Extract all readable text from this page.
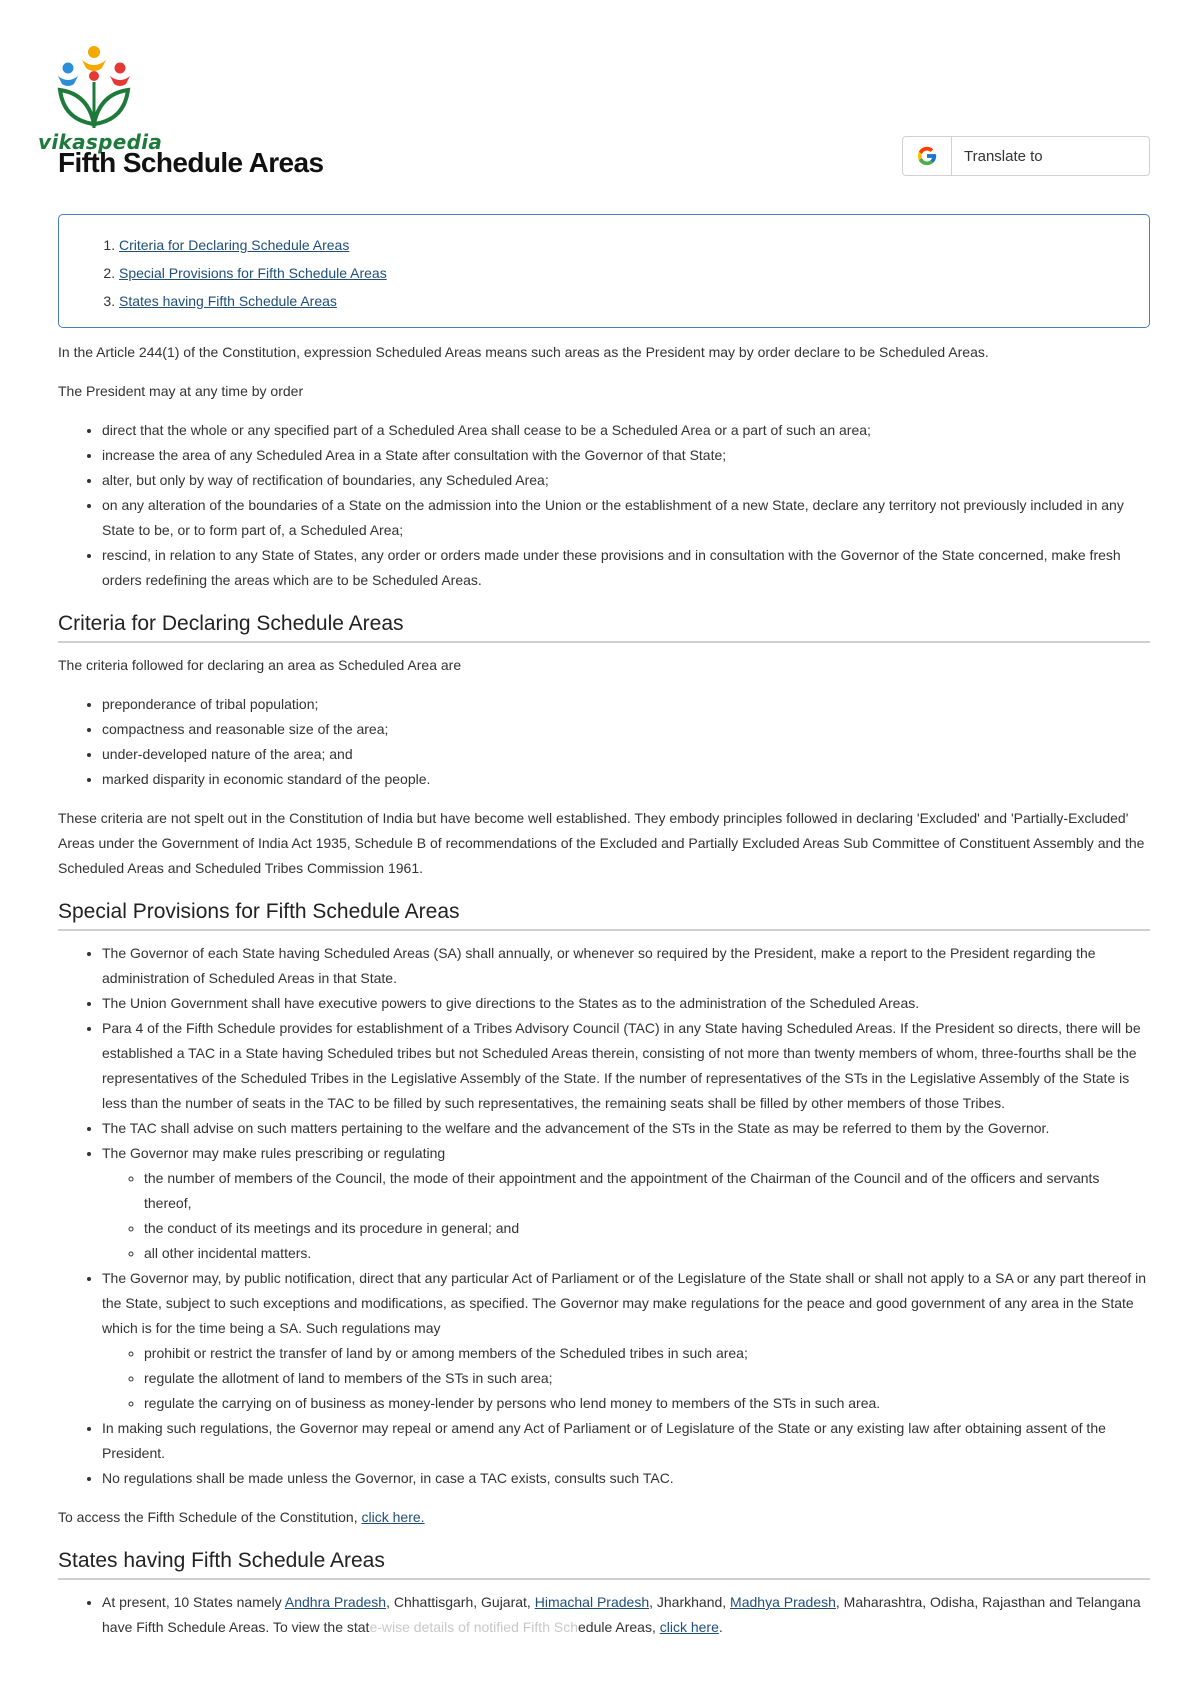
vikaspedia
Fifth Schedule Areas	Translate to
1. Criteria for Declaring Schedule Areas
2. Special Provisions for Fifth Schedule Areas
3. States having Fifth Schedule Areas

In the Article 244(1) of the Constitution, expression Scheduled Areas means such areas as the President may by order declare to be Scheduled Areas.

The President may at any time by order

• direct that the whole or any specified part of a Scheduled Area shall cease to be a Scheduled Area or a part of such an area;
• increase the area of any Scheduled Area in a State after consultation with the Governor of that State;
• alter, but only by way of rectification of boundaries, any Scheduled Area;
• on any alteration of the boundaries of a State on the admission into the Union or the establishment of a new State, declare any territory not previously included in any State to be, or to form part of, a Scheduled Area;
• rescind, in relation to any State of States, any order or orders made under these provisions and in consultation with the Governor of the State concerned, make fresh orders redefining the areas which are to be Scheduled Areas.
Criteria for Declaring Schedule Areas

The criteria followed for declaring an area as Scheduled Area are

• preponderance of tribal population;
• compactness and reasonable size of the area;
• under-developed nature of the area; and
• marked disparity in economic standard of the people.

These criteria are not spelt out in the Constitution of India but have become well established. They embody principles followed in declaring 'Excluded' and 'Partially-Excluded' Areas under the Government of India Act 1935, Schedule B of recommendations of the Excluded and Partially Excluded Areas Sub Committee of Constituent Assembly and the Scheduled Areas and Scheduled Tribes Commission 1961.

Special Provisions for Fifth Schedule Areas
• The Governor of each State having Scheduled Areas (SA) shall annually, or whenever so required by the President, make a report to the President regarding the administration of Scheduled Areas in that State.
• The Union Government shall have executive powers to give directions to the States as to the administration of the Scheduled Areas.
• Para 4 of the Fifth Schedule provides for establishment of a Tribes Advisory Council (TAC) in any State having Scheduled Areas. If the President so directs, there will be established a TAC in a State having Scheduled tribes but not Scheduled Areas therein, consisting of not more than twenty members of whom, three-fourths shall be the representatives of the Scheduled Tribes in the Legislative Assembly of the State. If the number of representatives of the STs in the Legislative Assembly of the State is less than the number of seats in the TAC to be filled by such representatives, the remaining seats shall be filled by other members of those Tribes.
• The TAC shall advise on such matters pertaining to the welfare and the advancement of the STs in the State as may be referred to them by the Governor.
• The Governor may make rules prescribing or regulating
◦ the number of members of the Council, the mode of their appointment and the appointment of the Chairman of the Council and of the officers and servants thereof,
◦ the conduct of its meetings and its procedure in general; and
◦ all other incidental matters.
• The Governor may, by public notification, direct that any particular Act of Parliament or of the Legislature of the State shall or shall not apply to a SA or any part thereof in the State, subject to such exceptions and modifications, as specified. The Governor may make regulations for the peace and good government of any area in the State which is for the time being a SA. Such regulations may
◦ prohibit or restrict the transfer of land by or among members of the Scheduled tribes in such area;
◦ regulate the allotment of land to members of the STs in such area;
◦ regulate the carrying on of business as money-lender by persons who lend money to members of the STs in such area.
• In making such regulations, the Governor may repeal or amend any Act of Parliament or of Legislature of the State or any existing law after obtaining assent of the President.
• No regulations shall be made unless the Governor, in case a TAC exists, consults such TAC.

To access the Fifth Schedule of the Constitution, click here.

States having Fifth Schedule Areas
• At present, 10 States namely Andhra Pradesh, Chhattisgarh, Gujarat, Himachal Pradesh, Jharkhand, Madhya Pradesh, Maharashtra, Odisha, Rajasthan and Telangana have Fifth Schedule Areas. To view the state-wise details of notified Fifth Schedule Areas, click here.
